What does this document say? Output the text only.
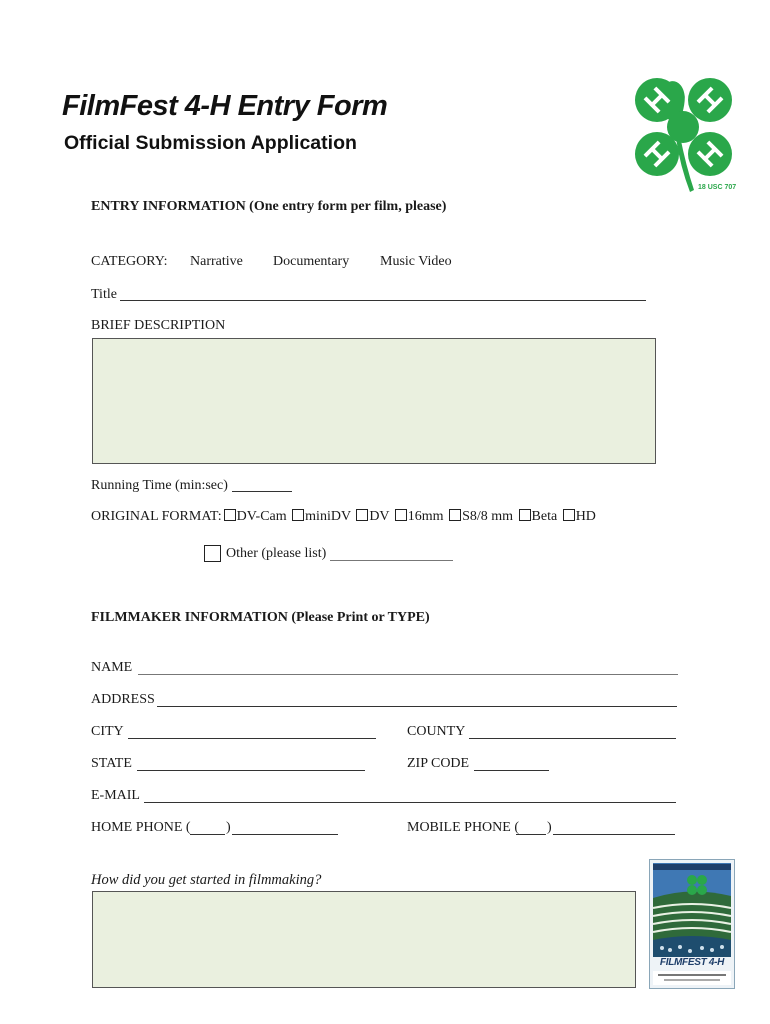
FilmFest 4-H Entry Form
Official Submission Application
18 USC 707
ENTRY INFORMATION (One entry form per film, please)
CATEGORY: Narrative Documentary Music Video
Title
BRIEF DESCRIPTION
Running Time (min:sec)
ORIGINAL FORMAT: DV-Cam miniDV DV 16mm S8/8 mm Beta HD
Other (please list)
FILMMAKER INFORMATION (Please Print or TYPE)
NAME
ADDRESS
CITY	COUNTY
STATE	ZIP CODE
E-MAIL
HOME PHONE (	)	MOBILE PHONE ( )
How did you get started in filmmaking?
FILMFEST 4-H
